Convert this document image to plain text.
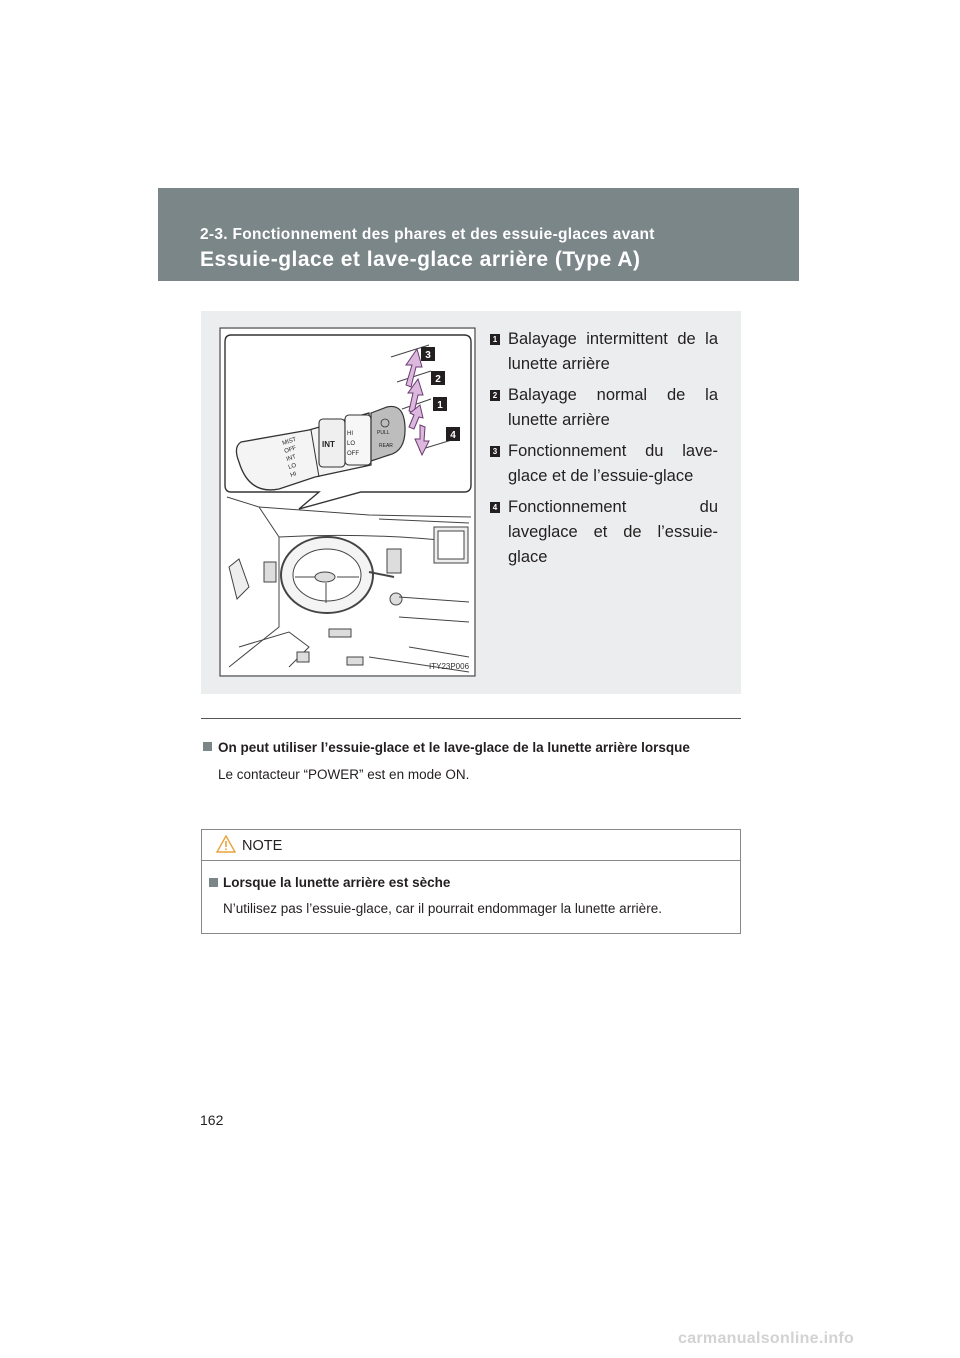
2-3. Fonctionnement des phares et des essuie-glaces avant
Essuie-glace et lave-glace arrière (Type A)
MIST
OFF
INT
LO
HI
INT
HI
LO
OFF
PULL
REAR
3
2
1
4
ITY23P006
1 Balayage intermittent de la lunette arrière
2 Balayage normal de la lunette arrière
3 Fonctionnement du lave-glace et de l’essuie-glace
4 Fonctionnement du laveglace et de l’essuie-glace
On peut utiliser l’essuie-glace et le lave-glace de la lunette arrière lorsque
Le contacteur “POWER” est en mode ON.
NOTE
Lorsque la lunette arrière est sèche
N’utilisez pas l’essuie-glace, car il pourrait endommager la lunette arrière.
162
carmanualsonline.info
